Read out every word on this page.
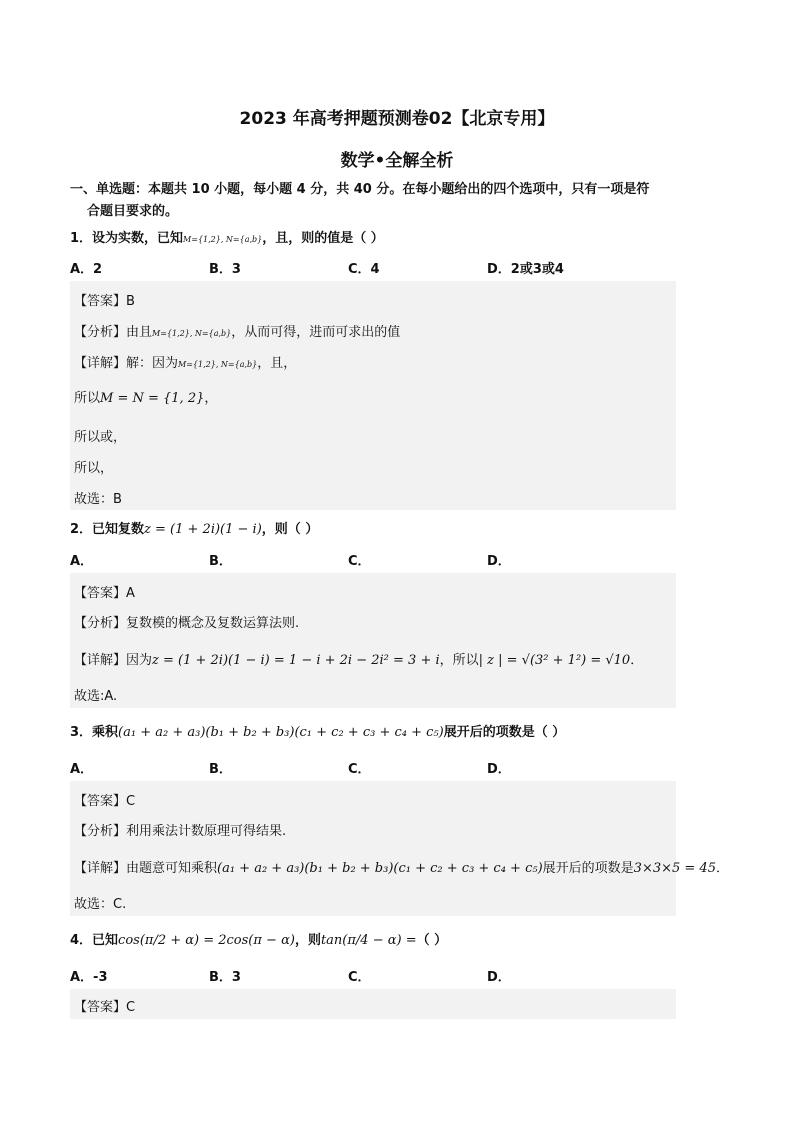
2023 年高考押题预测卷02【北京专用】
数学•全解全析
一、单选题：本题共 10 小题，每小题 4 分，共 40 分。在每小题给出的四个选项中，只有一项是符
合题目要求的。
1．设为实数，已知M={1,2}, N={a,b}，且，则的值是（ ）
A．2	B．3	C．4	D．2或3或4
【答案】B
【分析】由且M={1,2}, N={a,b}，从而可得，进而可求出的值
【详解】解：因为M={1,2}, N={a,b}，且，
所以M = N = {1, 2}，
所以或，
所以，
故选：B
2．已知复数z = (1 + 2i)(1 − i)，则（ ）
A．	B．	C．	D．
【答案】A
【分析】复数模的概念及复数运算法则.
【详解】因为z = (1 + 2i)(1 − i) = 1 − i + 2i − 2i² = 3 + i，所以| z | = √(3² + 1²) = √10．
故选:A.
3．乘积(a₁ + a₂ + a₃)(b₁ + b₂ + b₃)(c₁ + c₂ + c₃ + c₄ + c₅)展开后的项数是（ ）
A．	B．	C．	D．
【答案】C
【分析】利用乘法计数原理可得结果.
【详解】由题意可知乘积(a₁ + a₂ + a₃)(b₁ + b₂ + b₃)(c₁ + c₂ + c₃ + c₄ + c₅)展开后的项数是3×3×5 = 45．
故选：C.
4．已知cos(π/2 + α) = 2cos(π − α)，则tan(π/4 − α) =（ ）
A．-3	B．3	C．	D．
【答案】C
